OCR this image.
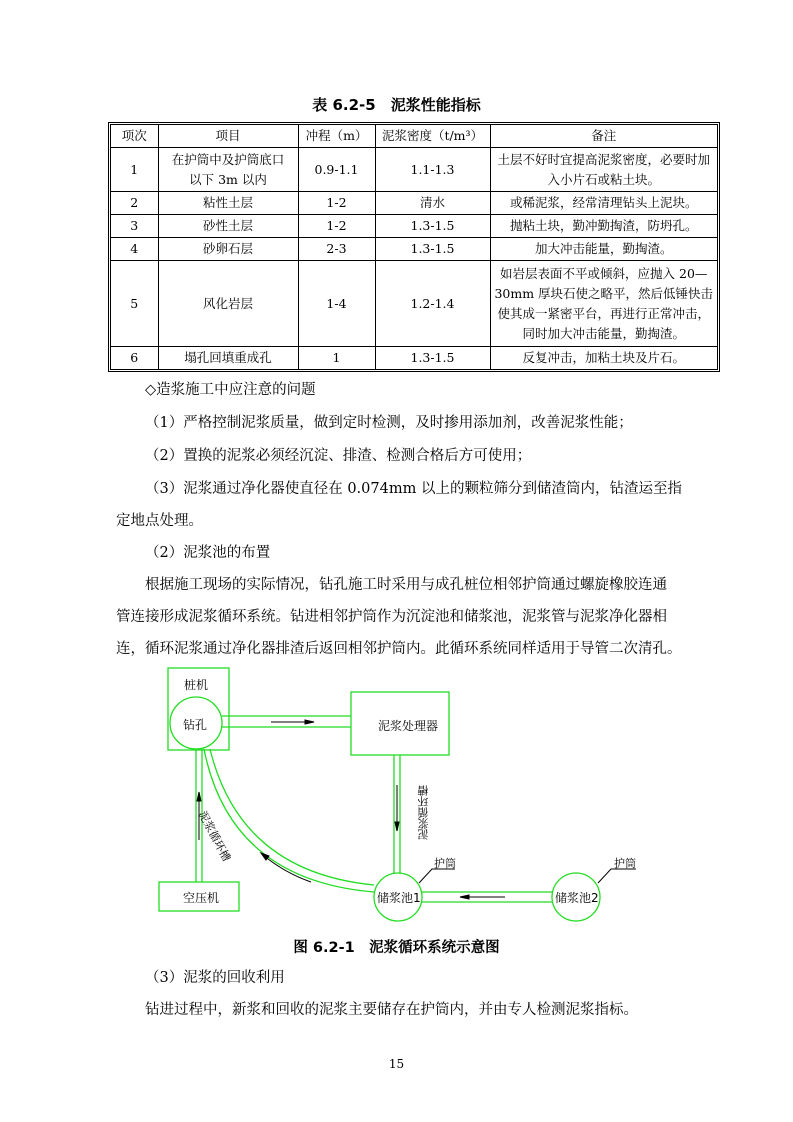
表 6.2-5　泥浆性能指标
项次	项目	冲程（m）	泥浆密度（t/m³）	备注
1	在护筒中及护筒底口以下 3m 以内	0.9-1.1	1.1-1.3	土层不好时宜提高泥浆密度，必要时加入小片石或粘土块。
2	粘性土层	1-2	清水	或稀泥浆，经常清理钻头上泥块。
3	砂性土层	1-2	1.3-1.5	抛粘土块，勤冲勤掏渣，防坍孔。
4	砂卵石层	2-3	1.3-1.5	加大冲击能量，勤掏渣。
5	风化岩层	1-4	1.2-1.4	如岩层表面不平或倾斜，应抛入 20—30mm 厚块石使之略平，然后低锤快击使其成一紧密平台，再进行正常冲击，同时加大冲击能量，勤掏渣。
6	塌孔回填重成孔	1	1.3-1.5	反复冲击，加粘土块及片石。
◇造浆施工中应注意的问题
（1）严格控制泥浆质量，做到定时检测，及时掺用添加剂，改善泥浆性能；
（2）置换的泥浆必须经沉淀、排渣、检测合格后方可使用；
（3）泥浆通过净化器使直径在 0.074mm 以上的颗粒筛分到储渣筒内，钻渣运至指
定地点处理。
（2）泥浆池的布置
根据施工现场的实际情况，钻孔施工时采用与成孔桩位相邻护筒通过螺旋橡胶连通
管连接形成泥浆循环系统。钻进相邻护筒作为沉淀池和储浆池，泥浆管与泥浆净化器相
连，循环泥浆通过净化器排渣后返回相邻护筒内。此循环系统同样适用于导管二次清孔。
桩机
钻孔	泥浆处理器
空压机	储浆池1	储浆池2
护筒	护筒
泥浆循环槽	泥浆循环槽
图 6.2-1　泥浆循环系统示意图
（3）泥浆的回收利用
钻进过程中，新浆和回收的泥浆主要储存在护筒内，并由专人检测泥浆指标。
15
